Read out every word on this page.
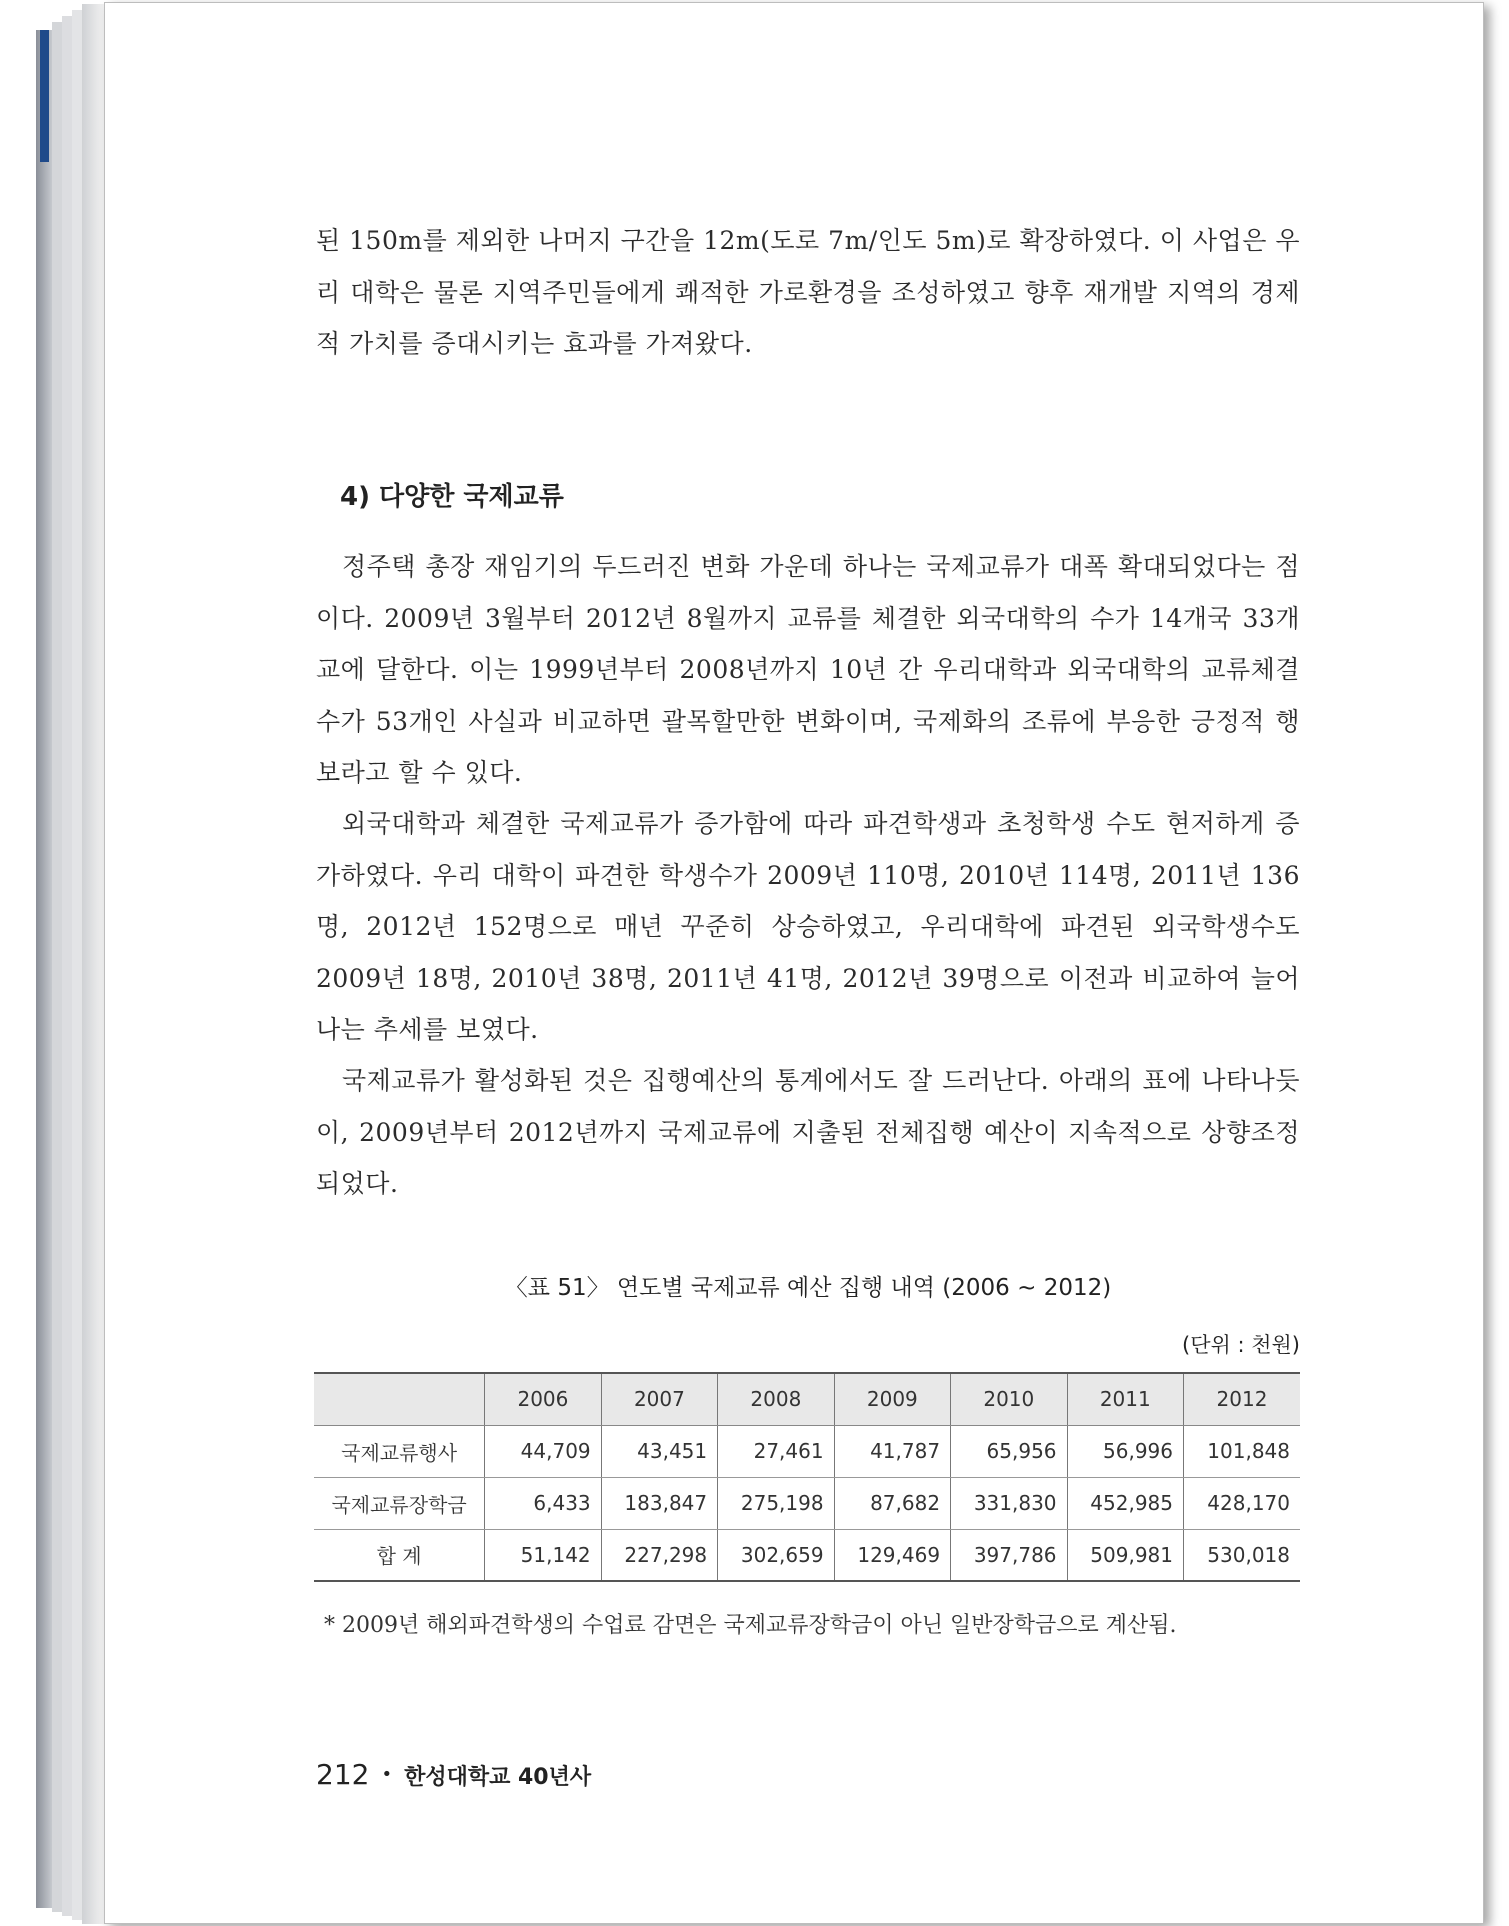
된 150m를 제외한 나머지 구간을 12m(도로 7m/인도 5m)로 확장하였다. 이 사업은 우리 대학은 물론 지역주민들에게 쾌적한 가로환경을 조성하였고 향후 재개발 지역의 경제적 가치를 증대시키는 효과를 가져왔다.

4) 다양한 국제교류

정주택 총장 재임기의 두드러진 변화 가운데 하나는 국제교류가 대폭 확대되었다는 점이다. 2009년 3월부터 2012년 8월까지 교류를 체결한 외국대학의 수가 14개국 33개교에 달한다. 이는 1999년부터 2008년까지 10년 간 우리대학과 외국대학의 교류체결 수가 53개인 사실과 비교하면 괄목할만한 변화이며, 국제화의 조류에 부응한 긍정적 행보라고 할 수 있다.

외국대학과 체결한 국제교류가 증가함에 따라 파견학생과 초청학생 수도 현저하게 증가하였다. 우리 대학이 파견한 학생수가 2009년 110명, 2010년 114명, 2011년 136명, 2012년 152명으로 매년 꾸준히 상승하였고, 우리대학에 파견된 외국학생수도 2009년 18명, 2010년 38명, 2011년 41명, 2012년 39명으로 이전과 비교하여 늘어나는 추세를 보였다.

국제교류가 활성화된 것은 집행예산의 통계에서도 잘 드러난다. 아래의 표에 나타나듯이, 2009년부터 2012년까지 국제교류에 지출된 전체집행 예산이 지속적으로 상향조정되었다.

〈표 51〉 연도별 국제교류 예산 집행 내역 (2006 ~ 2012)
(단위 : 천원)
	2006	2007	2008	2009	2010	2011	2012
국제교류행사	44,709	43,451	27,461	41,787	65,956	56,996	101,848
국제교류장학금	6,433	183,847	275,198	87,682	331,830	452,985	428,170
합 계	51,142	227,298	302,659	129,469	397,786	509,981	530,018
* 2009년 해외파견학생의 수업료 감면은 국제교류장학금이 아닌 일반장학금으로 계산됨.
212 • 한성대학교 40년사
